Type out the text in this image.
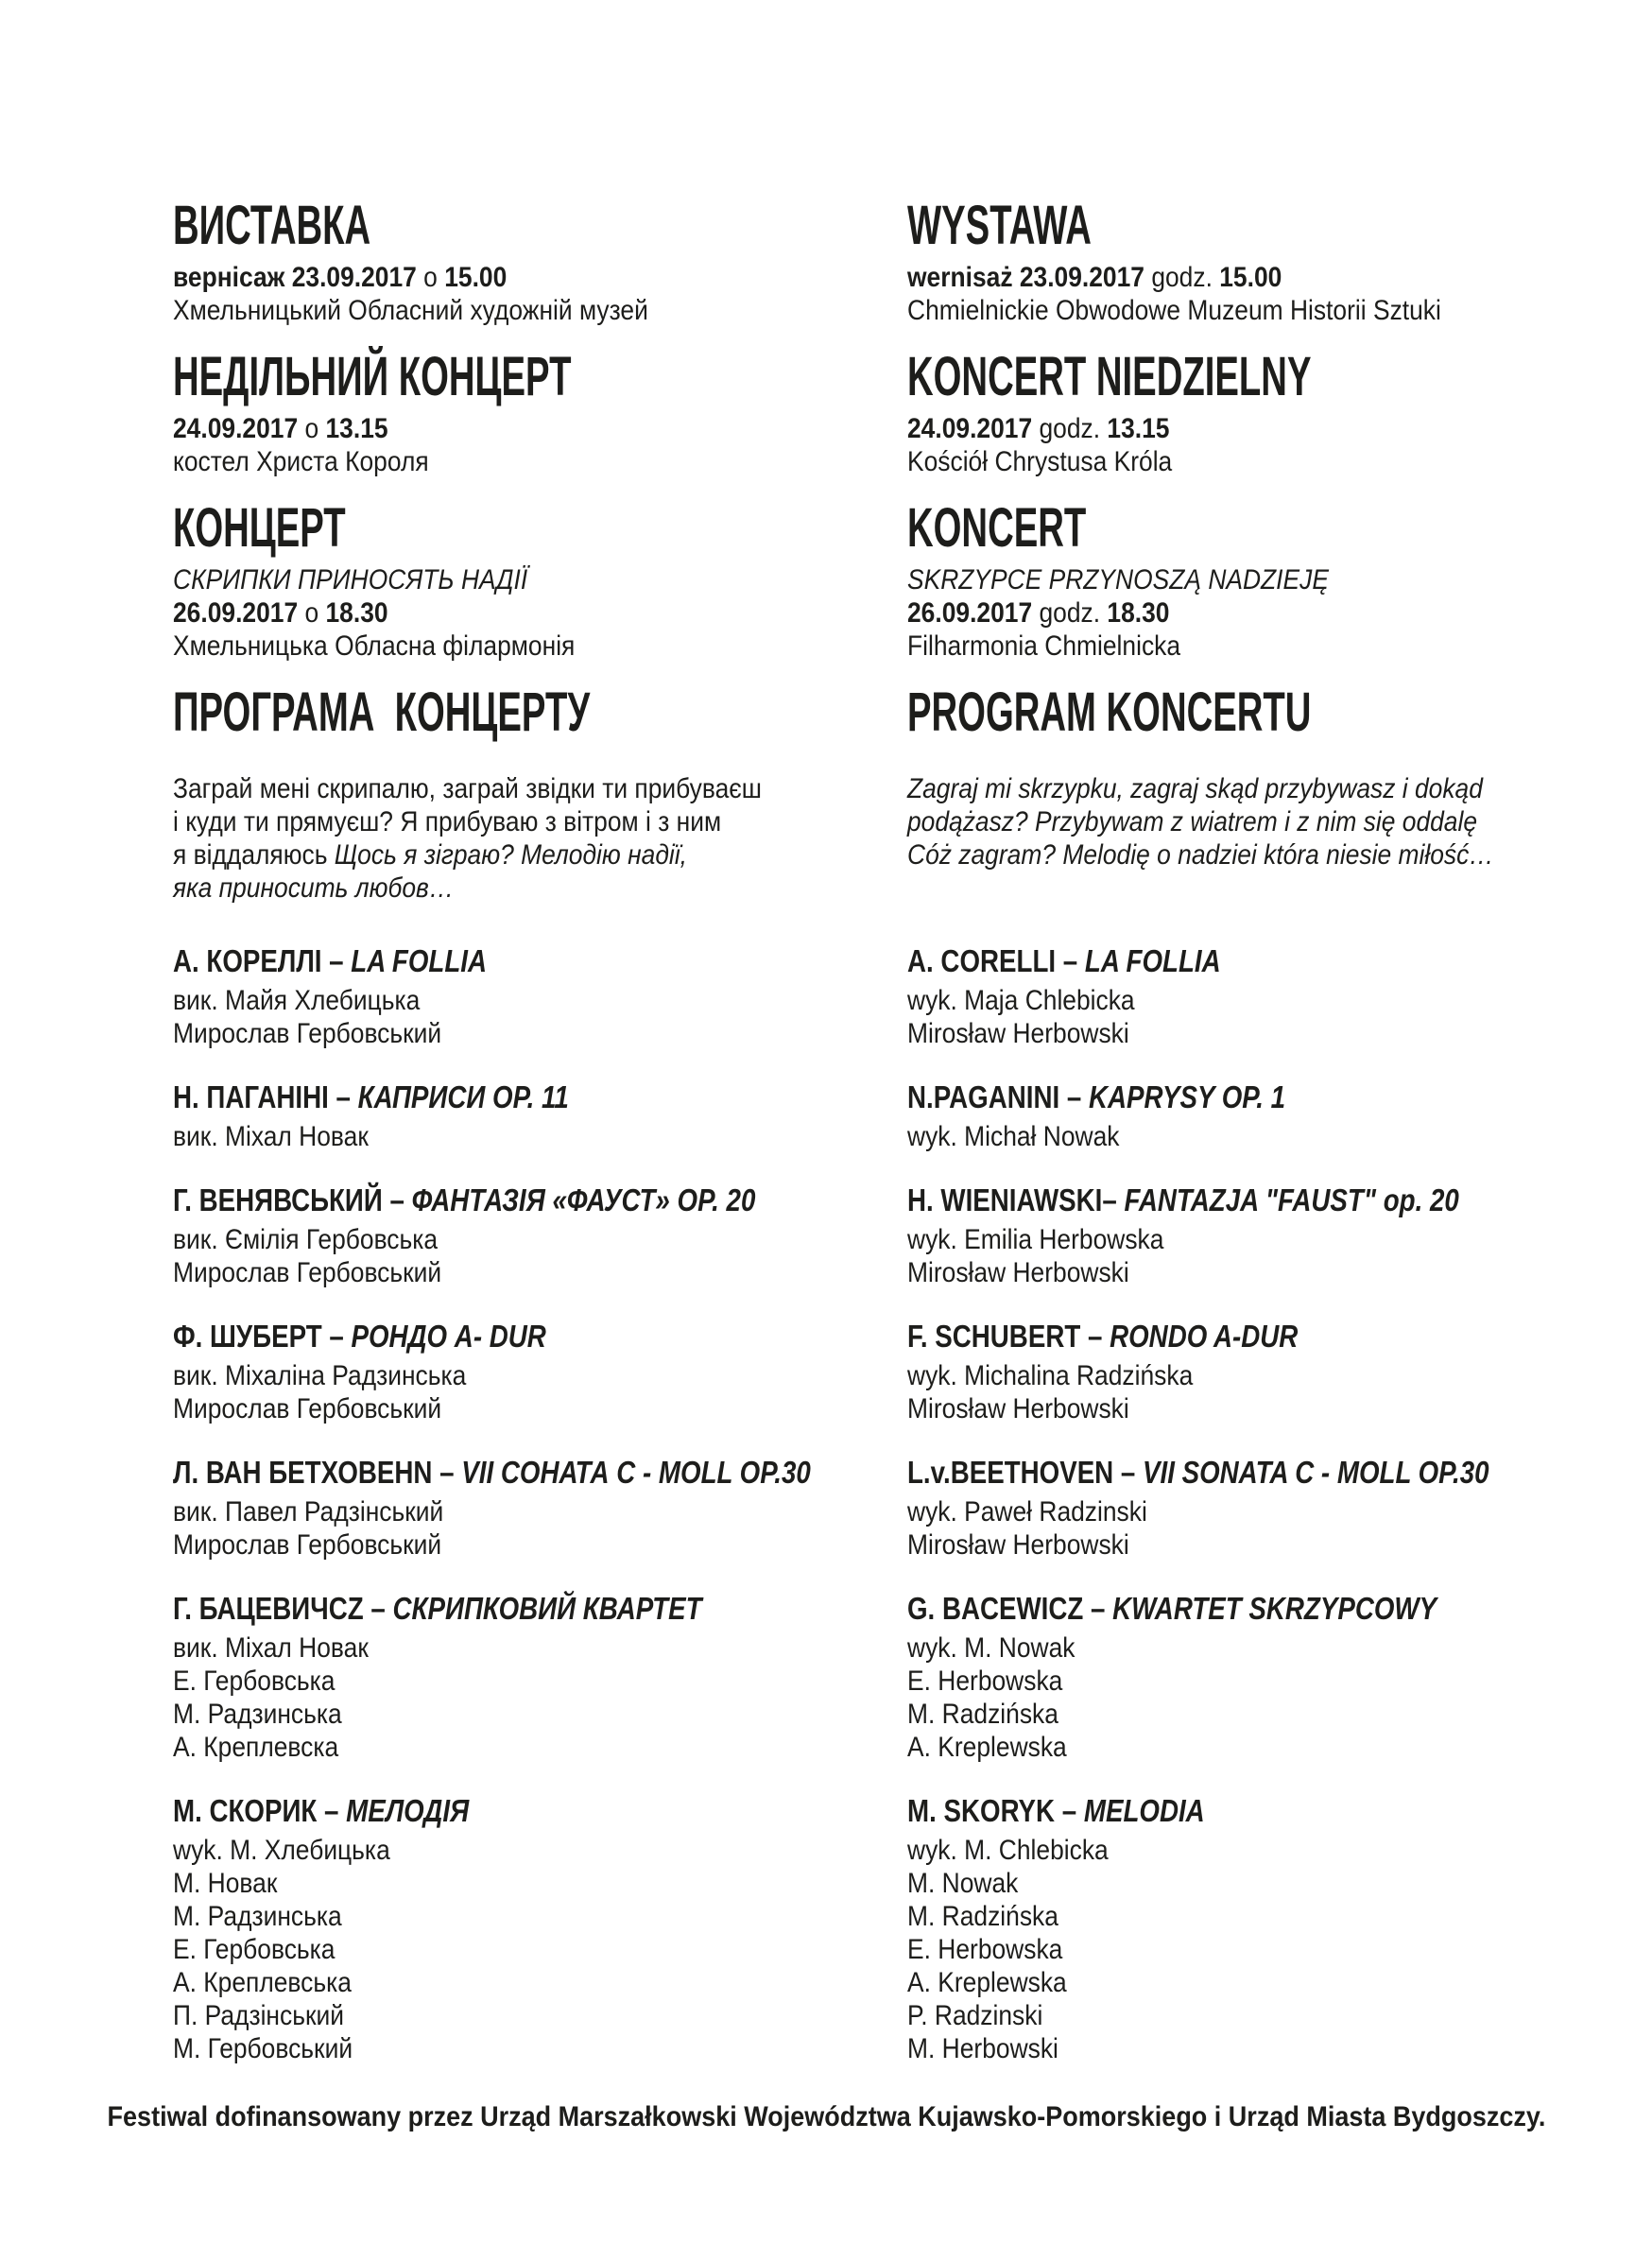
ВИСТАВКА
вернісаж 23.09.2017 о 15.00
Хмельницький Обласний художній музей
НЕДІЛЬНИЙ КОНЦЕРТ
24.09.2017 о 13.15
костел Христа Короля
КОНЦЕРТ
СКРИПКИ ПРИНОСЯТЬ НАДІЇ
26.09.2017 о 18.30
Хмельницька Обласна філармонія
ПРОГРАМА  КОНЦЕРТУ
Заграй мені скрипалю, заграй звідки ти прибуваєш
і куди ти прямуєш? Я прибуваю з вітром і з ним
я віддаляюсь Щось я зіграю? Мелодію надії,
яка приносить любов…
А. КОРЕЛЛІ – LA FOLLIA
вик. Майя Хлебицька
Мирослав Гербовський
Н. ПАГАНІНІ – КАПРИСИ ОР. 11
вик. Міхал Новак
Г. ВЕНЯВСЬКИЙ – ФАНТАЗІЯ «ФАУСТ» ОР. 20
вик. Ємілія Гербовська
Мирослав Гербовський
Ф. ШУБЕРТ – РОНДО А- DUR
вик. Міхаліна Радзинська
Мирослав Гербовський
Л. ВАН БЕТХОВЕНN – VII СОНАТА C - MOLL ОР.30
вик. Павел Радзінський
Мирослав Гербовський
Г. БАЦЕВИЧСZ – СКРИПКОВИЙ КВАРТЕТ
вик. Міхал Новак
Е. Гербовська
М. Радзинська
А. Креплевска
М. СКОРИК – МЕЛОДІЯ
wyk. М. Хлебицька
М. Новак
М. Радзинська
Е. Гербовська
А. Креплевська
П. Радзінський
М. Гербовський
WYSTAWA
wernisaż 23.09.2017 godz. 15.00
Chmielnickie Obwodowe Muzeum Historii Sztuki
KONCERT NIEDZIELNY
24.09.2017 godz. 13.15
Kościół Chrystusa Króla
KONCERT
SKRZYPCE PRZYNOSZĄ NADZIEJĘ
26.09.2017 godz. 18.30
Filharmonia Chmielnicka
PROGRAM KONCERTU
Zagraj mi skrzypku, zagraj skąd przybywasz i dokąd
podążasz? Przybywam z wiatrem i z nim się oddalę
Cóż zagram? Melodię o nadziei która niesie miłość…
A. CORELLI – LA FOLLIA
wyk. Maja Chlebicka
Mirosław Herbowski
N.PAGANINI – KAPRYSY OP. 1
wyk. Michał Nowak
H. WIENIAWSKI– FANTAZJA "FAUST" op. 20
wyk. Emilia Herbowska
Mirosław Herbowski
F. SCHUBERT – RONDO A-DUR
wyk. Michalina Radzińska
Mirosław Herbowski
L.v.BEETHOVEN – VII SONATA C - MOLL OP.30
wyk. Paweł Radzinski
Mirosław Herbowski
G. BACEWICZ – KWARTET SKRZYPCOWY
wyk. M. Nowak
E. Herbowska
M. Radzińska
A. Kreplewska
M. SKORYK – MELODIA
wyk. M. Chlebicka
M. Nowak
M. Radzińska
E. Herbowska
A. Kreplewska
P. Radzinski
M. Herbowski
Festiwal dofinansowany przez Urząd Marszałkowski Województwa Kujawsko-Pomorskiego i Urząd Miasta Bydgoszczy.
